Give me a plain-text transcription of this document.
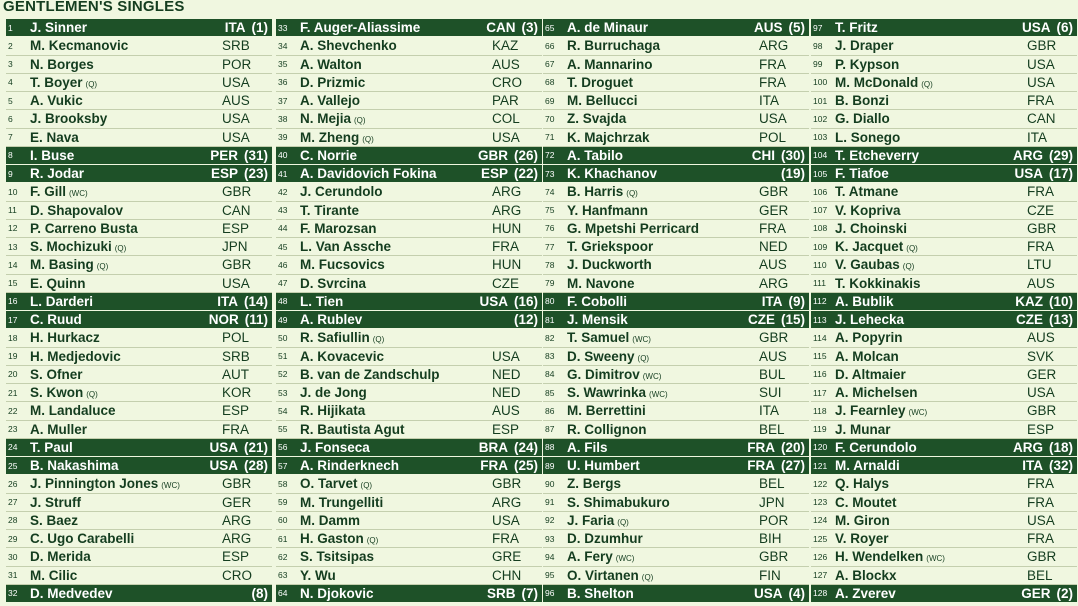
GENTLEMEN'S SINGLES
1	J. Sinner	ITA (1)
2	M. Kecmanovic	SRB
3	N. Borges	POR
4	T. Boyer (Q)	USA
5	A. Vukic	AUS
6	J. Brooksby	USA
7	E. Nava	USA
8	I. Buse	PER (31)
9	R. Jodar	ESP (23)
10 F. Gill (WC)	GBR
11 D. Shapovalov	CAN
12 P. Carreno Busta	ESP
13 S. Mochizuki (Q)	JPN
14 M. Basing (Q)	GBR
15 E. Quinn	USA
16 L. Darderi	ITA (14)
17 C. Ruud	NOR (11)
18 H. Hurkacz	POL
19 H. Medjedovic	SRB
20 S. Ofner	AUT
21 S. Kwon (Q)	KOR
22 M. Landaluce	ESP
23 A. Muller	FRA
24 T. Paul	USA (21)
25 B. Nakashima	USA (28)
26 J. Pinnington Jones (WC)	GBR
27 J. Struff	GER
28 S. Baez	ARG
29 C. Ugo Carabelli	ARG
30 D. Merida	ESP
31 M. Cilic	CRO
32 D. Medvedev	(8)
33 F. Auger-Aliassime	CAN (3)
34 A. Shevchenko	KAZ
35 A. Walton	AUS
36 D. Prizmic	CRO
37 A. Vallejo	PAR
38 N. Mejia (Q)	COL
39 M. Zheng (Q)	USA
40 C. Norrie	GBR (26)
41 A. Davidovich Fokina	ESP (22)
42 J. Cerundolo	ARG
43 T. Tirante	ARG
44 F. Marozsan	HUN
45 L. Van Assche	FRA
46 M. Fucsovics	HUN
47 D. Svrcina	CZE
48 L. Tien	USA (16)
49 A. Rublev	(12)
50 R. Safiullin (Q)
51 A. Kovacevic	USA
52 B. van de Zandschulp	NED
53 J. de Jong	NED
54 R. Hijikata	AUS
55 R. Bautista Agut	ESP
56 J. Fonseca	BRA (24)
57 A. Rinderknech	FRA (25)
58 O. Tarvet (Q)	GBR
59 M. Trungelliti	ARG
60 M. Damm	USA
61 H. Gaston (Q)	FRA
62 S. Tsitsipas	GRE
63 Y. Wu	CHN
64 N. Djokovic	SRB (7)
65 A. de Minaur	AUS (5)
66 R. Burruchaga	ARG
67 A. Mannarino	FRA
68 T. Droguet	FRA
69 M. Bellucci	ITA
70 Z. Svajda	USA
71 K. Majchrzak	POL
72 A. Tabilo	CHI (30)
73 K. Khachanov	(19)
74 B. Harris (Q)	GBR
75 Y. Hanfmann	GER
76 G. Mpetshi Perricard	FRA
77 T. Griekspoor	NED
78 J. Duckworth	AUS
79 M. Navone	ARG
80 F. Cobolli	ITA (9)
81 J. Mensik	CZE (15)
82 T. Samuel (WC)	GBR
83 D. Sweeny (Q)	AUS
84 G. Dimitrov (WC)	BUL
85 S. Wawrinka (WC)	SUI
86 M. Berrettini	ITA
87 R. Collignon	BEL
88 A. Fils	FRA (20)
89 U. Humbert	FRA (27)
90 Z. Bergs	BEL
91 S. Shimabukuro	JPN
92 J. Faria (Q)	POR
93 D. Dzumhur	BIH
94 A. Fery (WC)	GBR
95 O. Virtanen (Q)	FIN
96 B. Shelton	USA (4)
97 T. Fritz	USA (6)
98 J. Draper	GBR
99 P. Kypson	USA
100 M. McDonald (Q)	USA
101 B. Bonzi	FRA
102 G. Diallo	CAN
103 L. Sonego	ITA
104 T. Etcheverry	ARG (29)
105 F. Tiafoe	USA (17)
106 T. Atmane	FRA
107 V. Kopriva	CZE
108 J. Choinski	GBR
109 K. Jacquet (Q)	FRA
110 V. Gaubas (Q)	LTU
111 T. Kokkinakis	AUS
112 A. Bublik	KAZ (10)
113 J. Lehecka	CZE (13)
114 A. Popyrin	AUS
115 A. Molcan	SVK
116 D. Altmaier	GER
117 A. Michelsen	USA
118 J. Fearnley (WC)	GBR
119 J. Munar	ESP
120 F. Cerundolo	ARG (18)
121 M. Arnaldi	ITA (32)
122 Q. Halys	FRA
123 C. Moutet	FRA
124 M. Giron	USA
125 V. Royer	FRA
126 H. Wendelken (WC)	GBR
127 A. Blockx	BEL
128 A. Zverev	GER (2)
